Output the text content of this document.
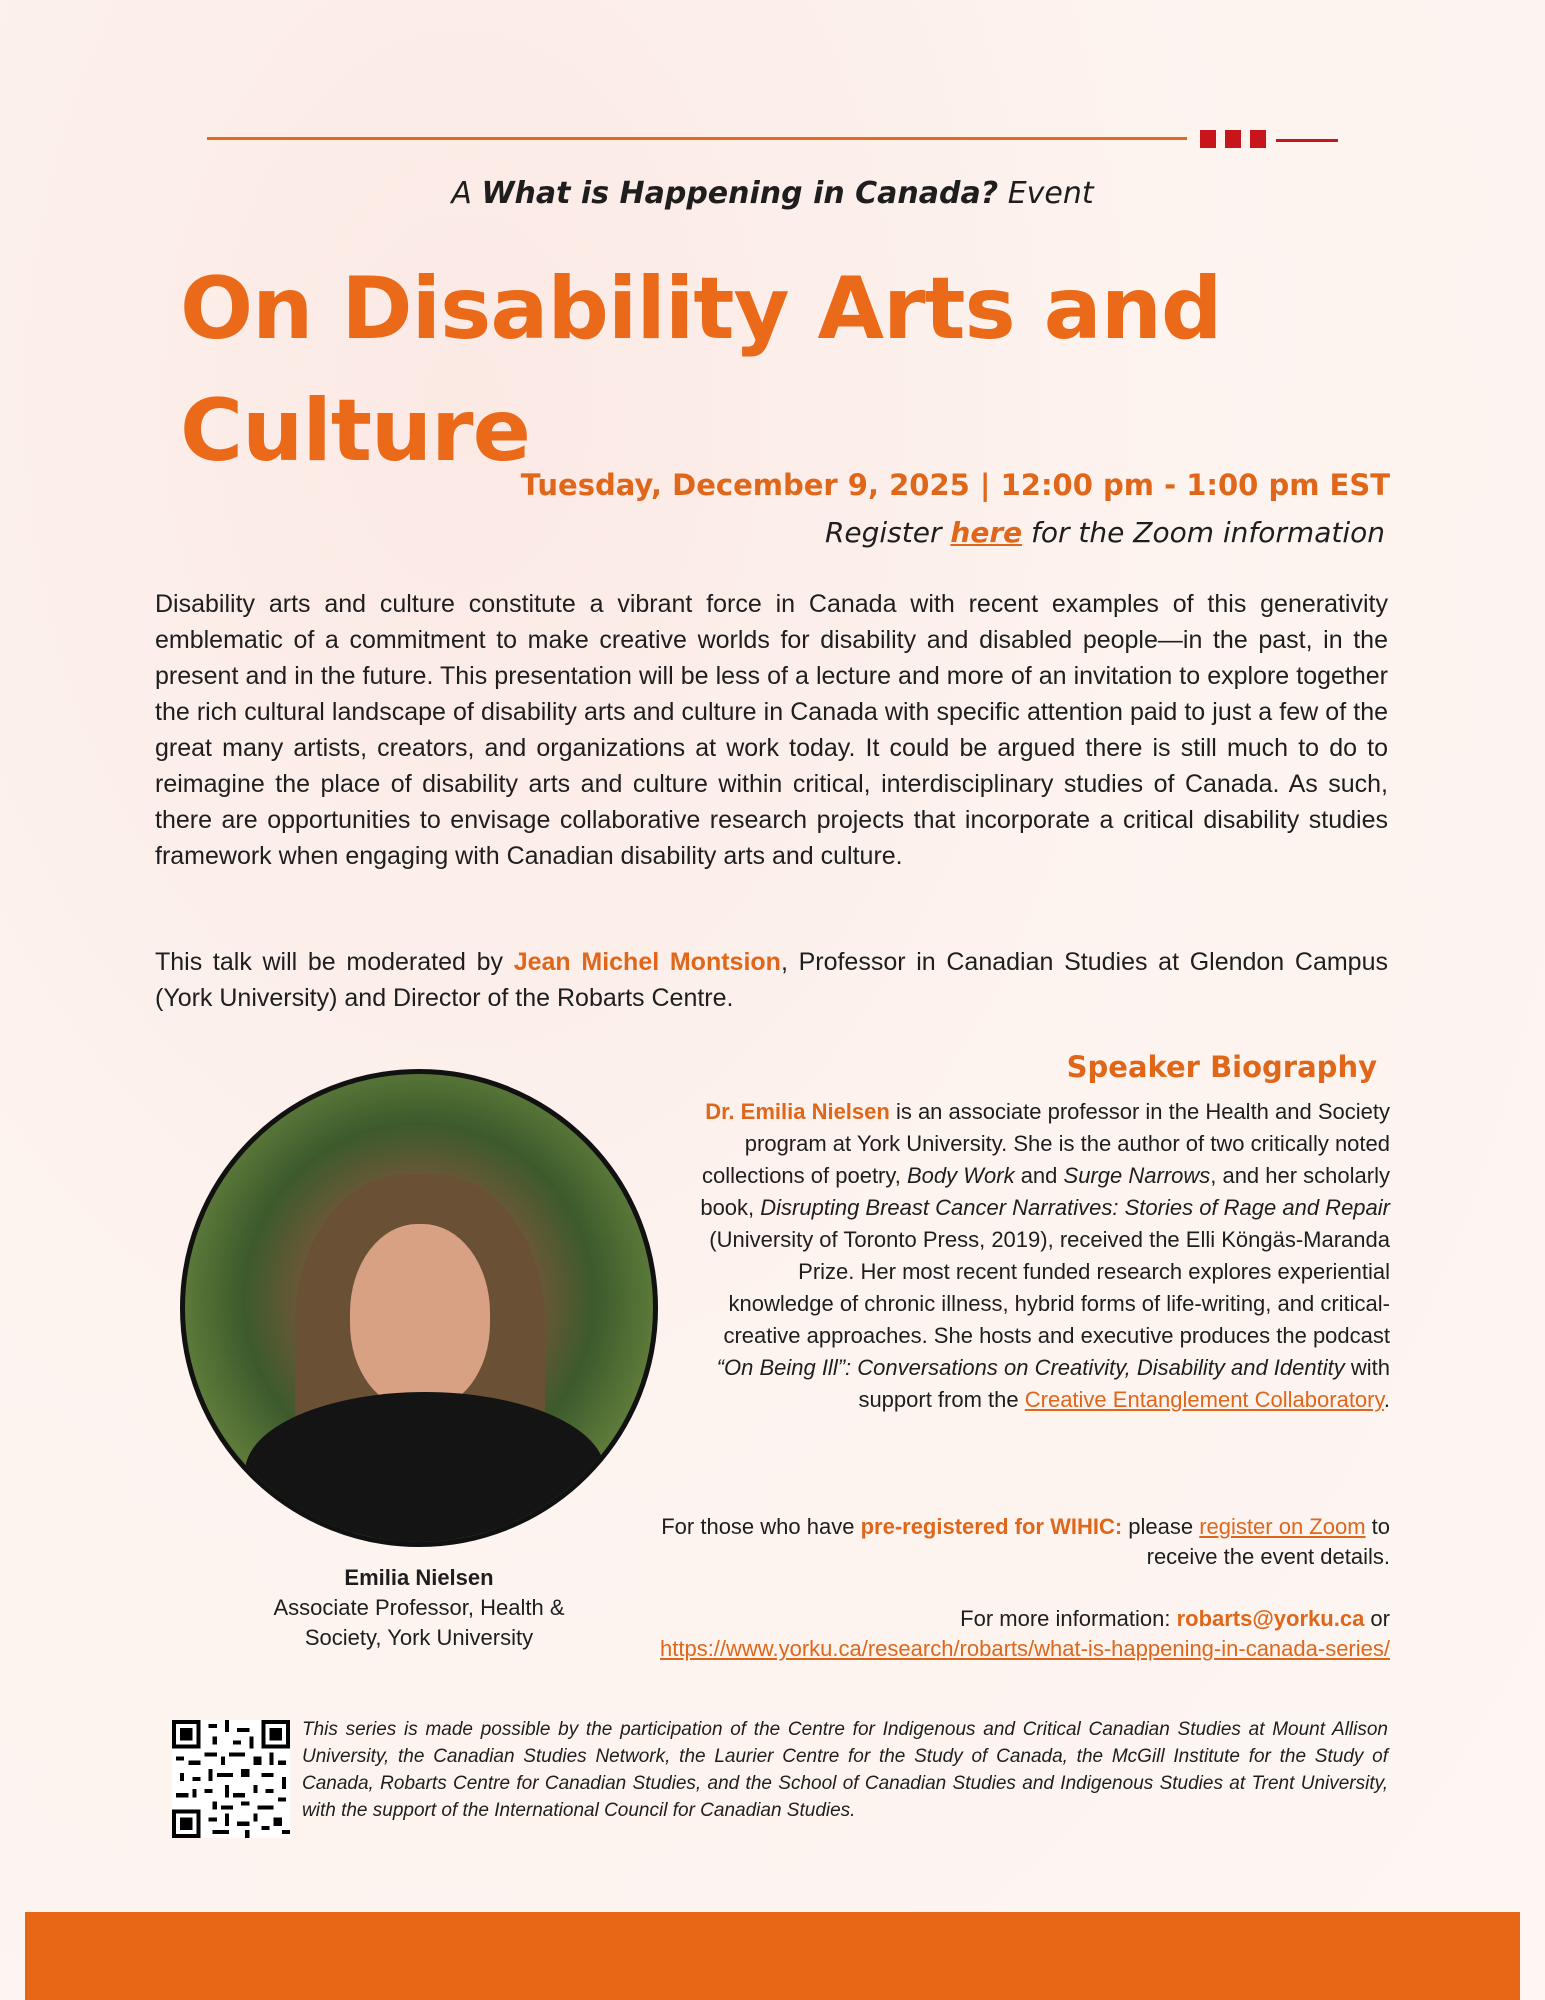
A What is Happening in Canada? Event
On Disability Arts and Culture
Tuesday, December 9, 2025 | 12:00 pm - 1:00 pm EST
Register here for the Zoom information
Disability arts and culture constitute a vibrant force in Canada with recent examples of this generativity emblematic of a commitment to make creative worlds for disability and disabled people—in the past, in the present and in the future. This presentation will be less of a lecture and more of an invitation to explore together the rich cultural landscape of disability arts and culture in Canada with specific attention paid to just a few of the great many artists, creators, and organizations at work today. It could be argued there is still much to do to reimagine the place of disability arts and culture within critical, interdisciplinary studies of Canada. As such, there are opportunities to envisage collaborative research projects that incorporate a critical disability studies framework when engaging with Canadian disability arts and culture.
This talk will be moderated by Jean Michel Montsion, Professor in Canadian Studies at Glendon Campus (York University) and Director of the Robarts Centre.
Emilia Nielsen
Associate Professor, Health &
Society, York University
Speaker Biography
Dr. Emilia Nielsen is an associate professor in the Health and Society program at York University. She is the author of two critically noted collections of poetry, Body Work and Surge Narrows, and her scholarly book, Disrupting Breast Cancer Narratives: Stories of Rage and Repair (University of Toronto Press, 2019), received the Elli Köngäs-Maranda Prize. Her most recent funded research explores experiential knowledge of chronic illness, hybrid forms of life-writing, and critical-creative approaches. She hosts and executive produces the podcast “On Being Ill”: Conversations on Creativity, Disability and Identity with support from the Creative Entanglement Collaboratory.
For those who have pre-registered for WIHIC: please register on Zoom to receive the event details.
For more information: robarts@yorku.ca or
https://www.yorku.ca/research/robarts/what-is-happening-in-canada-series/
This series is made possible by the participation of the Centre for Indigenous and Critical Canadian Studies at Mount Allison University, the Canadian Studies Network, the Laurier Centre for the Study of Canada, the McGill Institute for the Study of Canada, Robarts Centre for Canadian Studies, and the School of Canadian Studies and Indigenous Studies at Trent University, with the support of the International Council for Canadian Studies.
